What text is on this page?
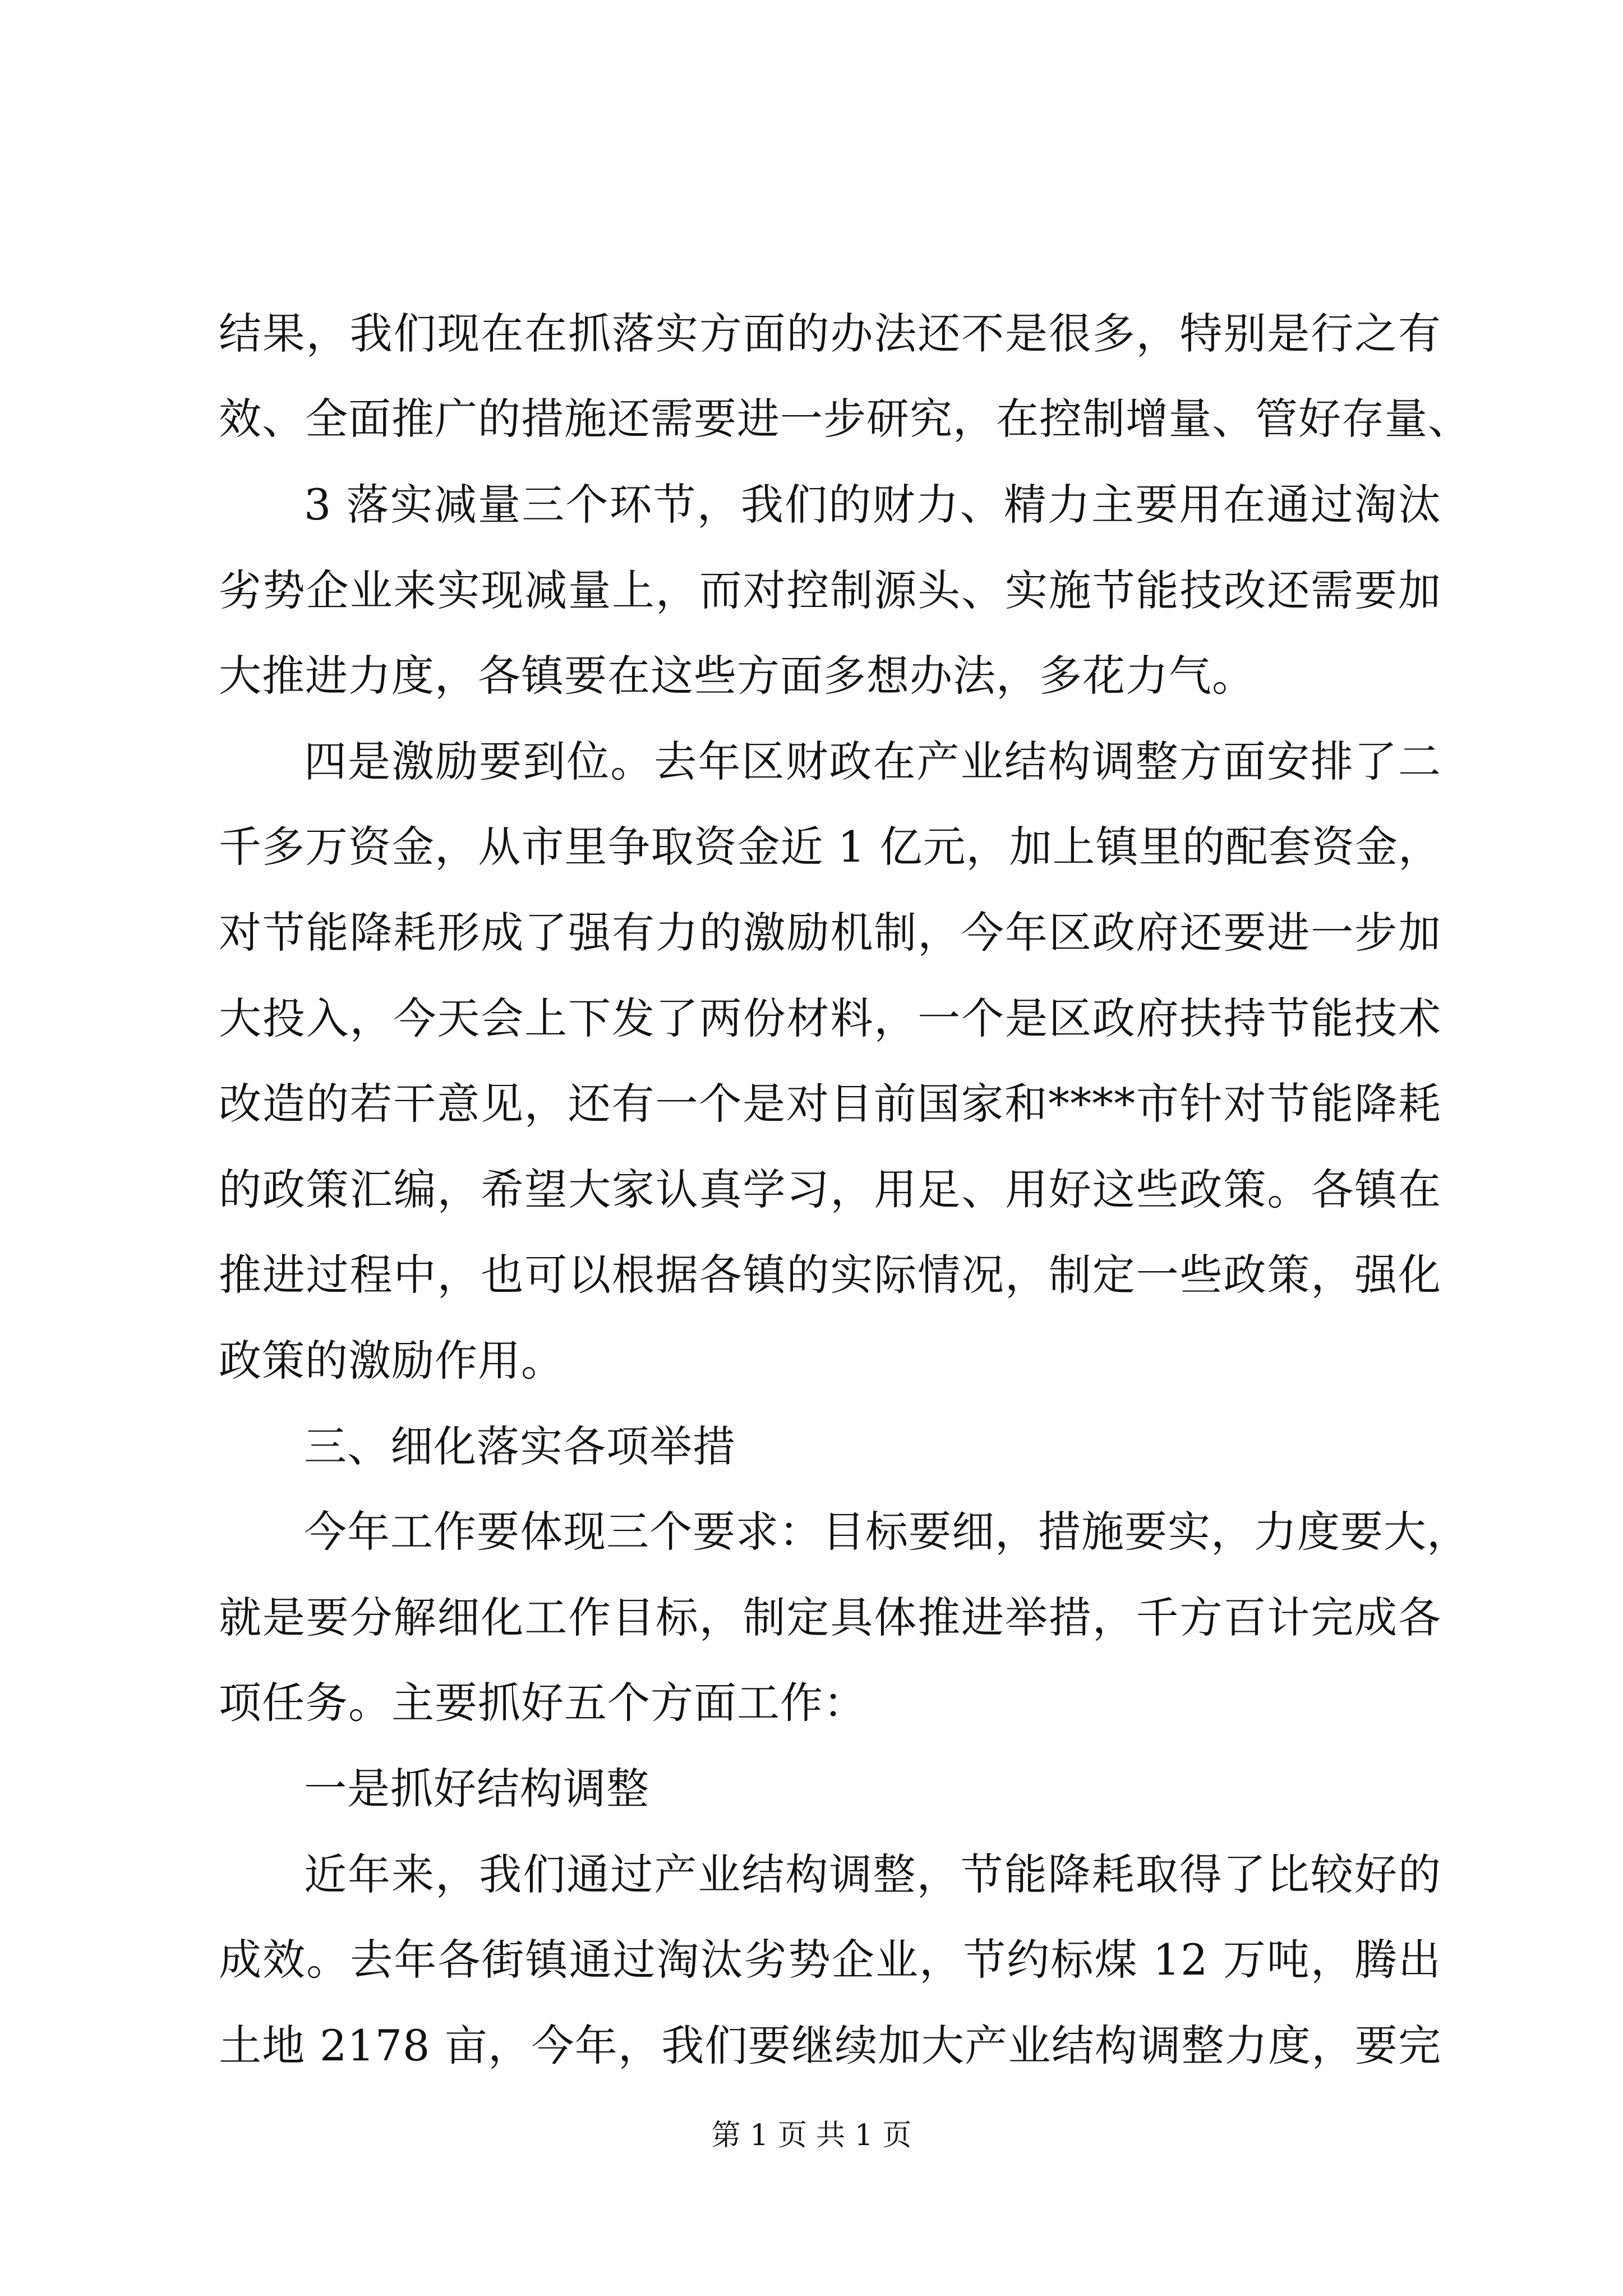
结果，我们现在在抓落实方面的办法还不是很多，特别是行之有
效、全面推广的措施还需要进一步研究，在控制增量、管好存量、
3 落实减量三个环节，我们的财力、精力主要用在通过淘汰
劣势企业来实现减量上，而对控制源头、实施节能技改还需要加
大推进力度，各镇要在这些方面多想办法，多花力气。
四是激励要到位。去年区财政在产业结构调整方面安排了二
千多万资金，从市里争取资金近 1 亿元，加上镇里的配套资金，
对节能降耗形成了强有力的激励机制，今年区政府还要进一步加
大投入，今天会上下发了两份材料，一个是区政府扶持节能技术
改造的若干意见，还有一个是对目前国家和****市针对节能降耗
的政策汇编，希望大家认真学习，用足、用好这些政策。各镇在
推进过程中，也可以根据各镇的实际情况，制定一些政策，强化
政策的激励作用。
三、细化落实各项举措
今年工作要体现三个要求：目标要细，措施要实，力度要大，
就是要分解细化工作目标，制定具体推进举措，千方百计完成各
项任务。主要抓好五个方面工作：
一是抓好结构调整
近年来，我们通过产业结构调整，节能降耗取得了比较好的
成效。去年各街镇通过淘汰劣势企业，节约标煤 12 万吨，腾出
土地 2178 亩，今年，我们要继续加大产业结构调整力度，要完
第 1 页 共 1 页
